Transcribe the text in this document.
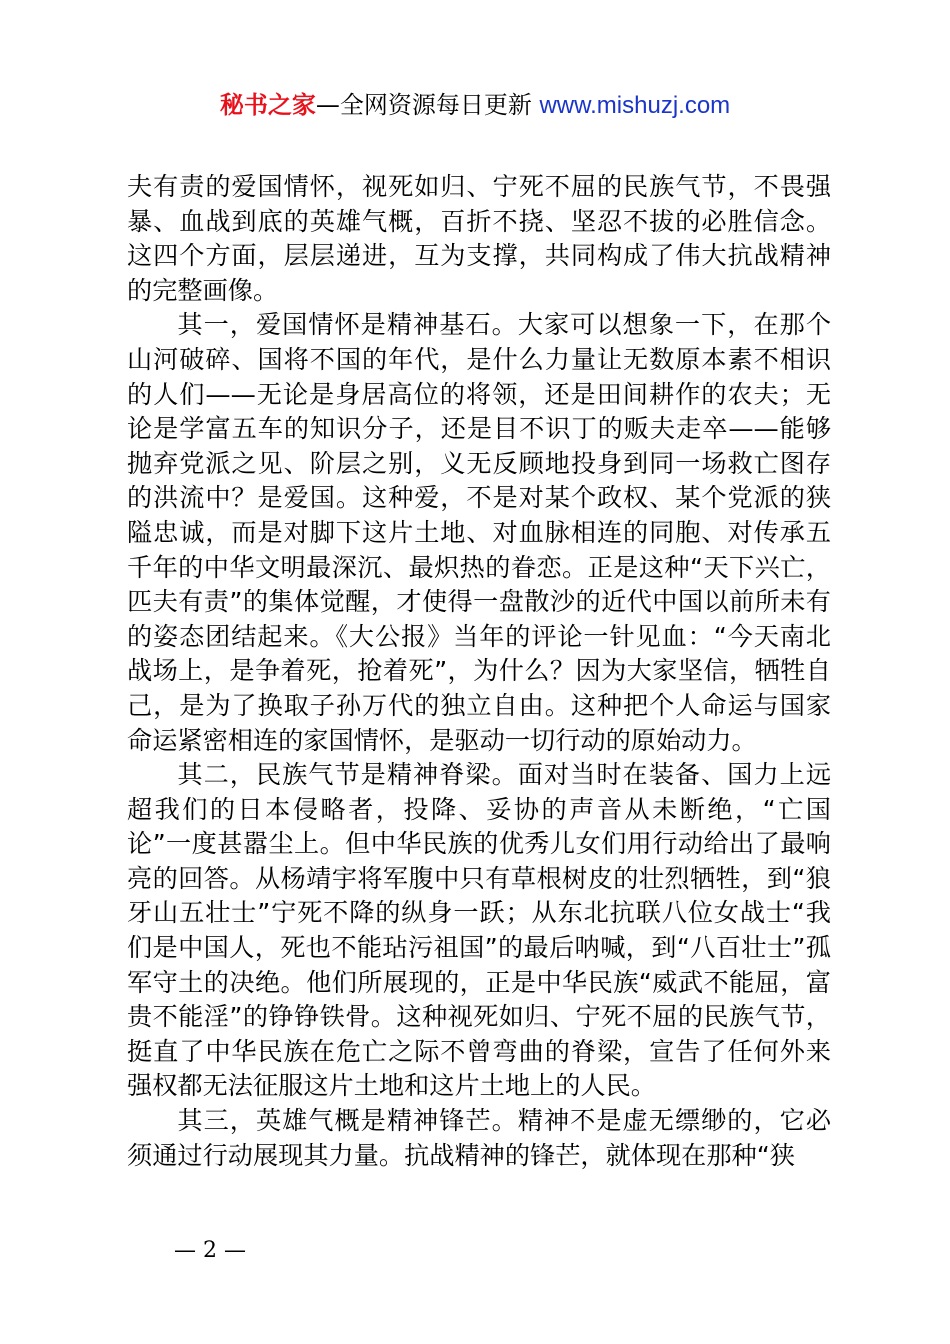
秘书之家—全网资源每日更新 www.mishuzj.com

夫有责的爱国情怀，视死如归、宁死不屈的民族气节，不畏强暴、血战到底的英雄气概，百折不挠、坚忍不拔的必胜信念。这四个方面，层层递进，互为支撑，共同构成了伟大抗战精神的完整画像。

其一，爱国情怀是精神基石。大家可以想象一下，在那个山河破碎、国将不国的年代，是什么力量让无数原本素不相识的人们——无论是身居高位的将领，还是田间耕作的农夫；无论是学富五车的知识分子，还是目不识丁的贩夫走卒——能够抛弃党派之见、阶层之别，义无反顾地投身到同一场救亡图存的洪流中？是爱国。这种爱，不是对某个政权、某个党派的狭隘忠诚，而是对脚下这片土地、对血脉相连的同胞、对传承五千年的中华文明最深沉、最炽热的眷恋。正是这种“天下兴亡，匹夫有责”的集体觉醒，才使得一盘散沙的近代中国以前所未有的姿态团结起来。《大公报》当年的评论一针见血：“今天南北战场上，是争着死，抢着死”，为什么？因为大家坚信，牺牲自己，是为了换取子孙万代的独立自由。这种把个人命运与国家命运紧密相连的家国情怀，是驱动一切行动的原始动力。

其二，民族气节是精神脊梁。面对当时在装备、国力上远超我们的日本侵略者，投降、妥协的声音从未断绝，“亡国论”一度甚嚣尘上。但中华民族的优秀儿女们用行动给出了最响亮的回答。从杨靖宇将军腹中只有草根树皮的壮烈牺牲，到“狼牙山五壮士”宁死不降的纵身一跃；从东北抗联八位女战士“我们是中国人，死也不能玷污祖国”的最后呐喊，到“八百壮士”孤军守土的决绝。他们所展现的，正是中华民族“威武不能屈，富贵不能淫”的铮铮铁骨。这种视死如归、宁死不屈的民族气节，挺直了中华民族在危亡之际不曾弯曲的脊梁，宣告了任何外来强权都无法征服这片土地和这片土地上的人民。

其三，英雄气概是精神锋芒。精神不是虚无缥缈的，它必须通过行动展现其力量。抗战精神的锋芒，就体现在那种“狭

— 2 —
